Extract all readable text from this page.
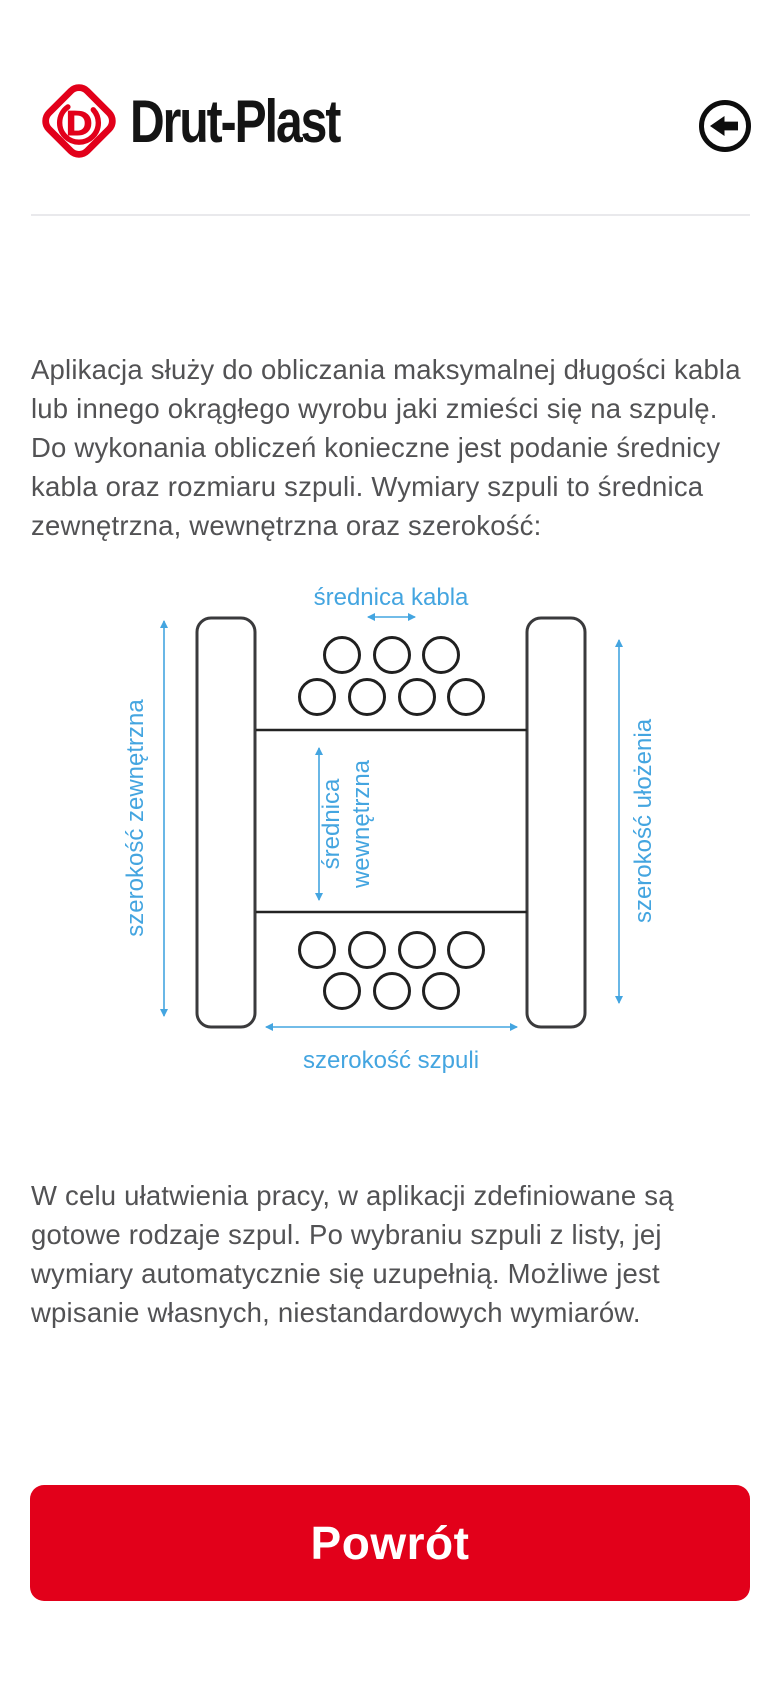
D Drut-Plast

Aplikacja służy do obliczania maksymalnej długości kabla lub innego okrągłego wyrobu jaki zmieści się na szpulę. Do wykonania obliczeń konieczne jest podanie średnicy kabla oraz rozmiaru szpuli. Wymiary szpuli to średnica zewnętrzna, wewnętrzna oraz szerokość:

średnica kabla
szerokość zewnętrzna	średnica wewnętrzna	szerokość ułożenia
szerokość szpuli

W celu ułatwienia pracy, w aplikacji zdefiniowane są gotowe rodzaje szpul. Po wybraniu szpuli z listy, jej wymiary automatycznie się uzupełnią. Możliwe jest wpisanie własnych, niestandardowych wymiarów.

Powrót
